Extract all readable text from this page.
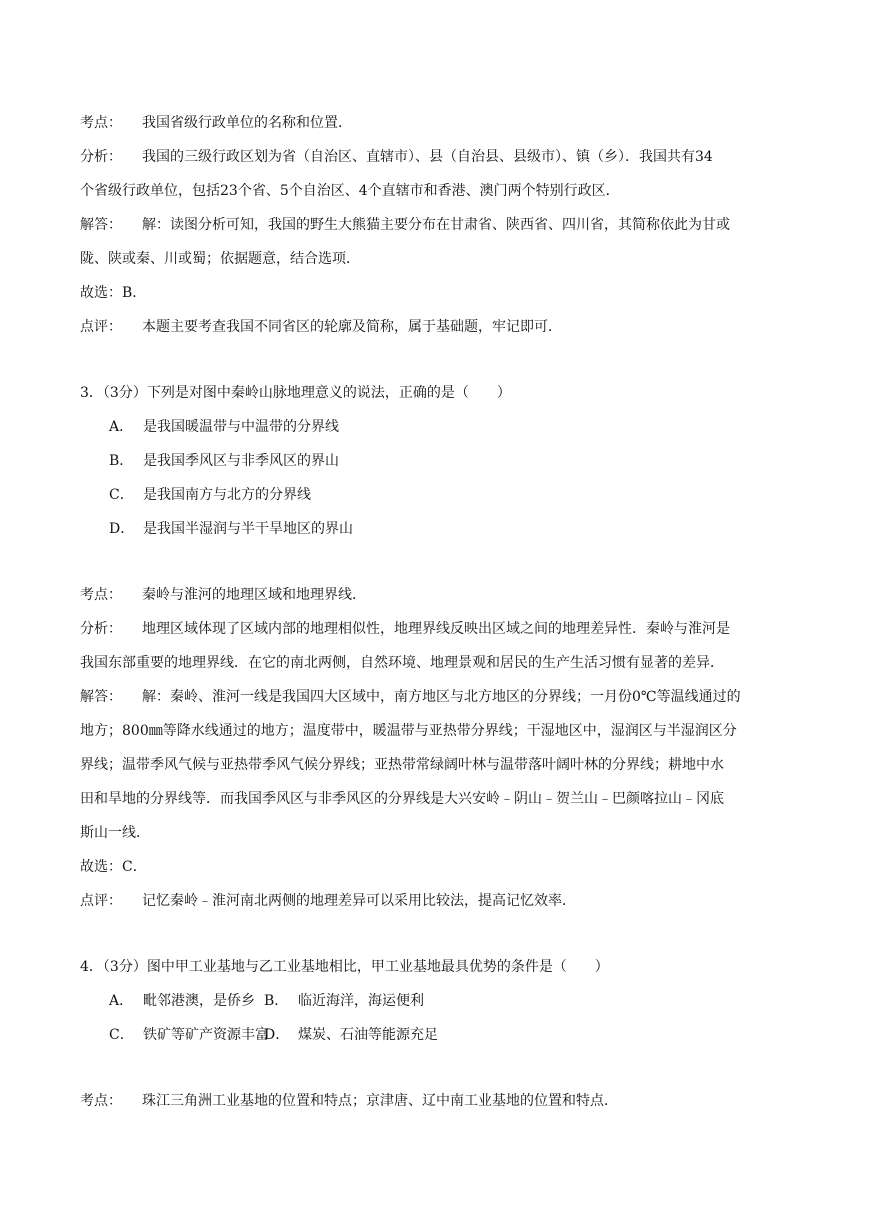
考点： 我国省级行政单位的名称和位置．
分析： 我国的三级行政区划为省（自治区、直辖市）、县（自治县、县级市）、镇（乡）．我国共有34
个省级行政单位，包括23个省、5个自治区、4个直辖市和香港、澳门两个特别行政区．
解答： 解：读图分析可知，我国的野生大熊猫主要分布在甘肃省、陕西省、四川省，其简称依此为甘或
陇、陕或秦、川或蜀；依据题意，结合选项．
故选：B．
点评： 本题主要考查我国不同省区的轮廓及简称，属于基础题，牢记即可．
3．（3分）下列是对图中秦岭山脉地理意义的说法，正确的是（　　）
A． 是我国暖温带与中温带的分界线
B． 是我国季风区与非季风区的界山
C． 是我国南方与北方的分界线
D． 是我国半湿润与半干旱地区的界山
考点： 秦岭与淮河的地理区域和地理界线．
分析： 地理区域体现了区域内部的地理相似性，地理界线反映出区域之间的地理差异性．秦岭与淮河是
我国东部重要的地理界线．在它的南北两侧，自然环境、地理景观和居民的生产生活习惯有显著的差异．
解答： 解：秦岭、淮河一线是我国四大区域中，南方地区与北方地区的分界线；一月份0℃等温线通过的
地方；800㎜等降水线通过的地方；温度带中，暖温带与亚热带分界线；干湿地区中，湿润区与半湿润区分
界线；温带季风气候与亚热带季风气候分界线；亚热带常绿阔叶林与温带落叶阔叶林的分界线；耕地中水
田和旱地的分界线等．而我国季风区与非季风区的分界线是大兴安岭﹣阴山﹣贺兰山﹣巴颜喀拉山﹣冈底
斯山一线．
故选：C．
点评： 记忆秦岭﹣淮河南北两侧的地理差异可以采用比较法，提高记忆效率．
4．（3分）图中甲工业基地与乙工业基地相比，甲工业基地最具优势的条件是（　　）
A． 毗邻港澳，是侨乡 B． 临近海洋，海运便利
C． 铁矿等矿产资源丰富D． 煤炭、石油等能源充足
考点： 珠江三角洲工业基地的位置和特点；京津唐、辽中南工业基地的位置和特点．
